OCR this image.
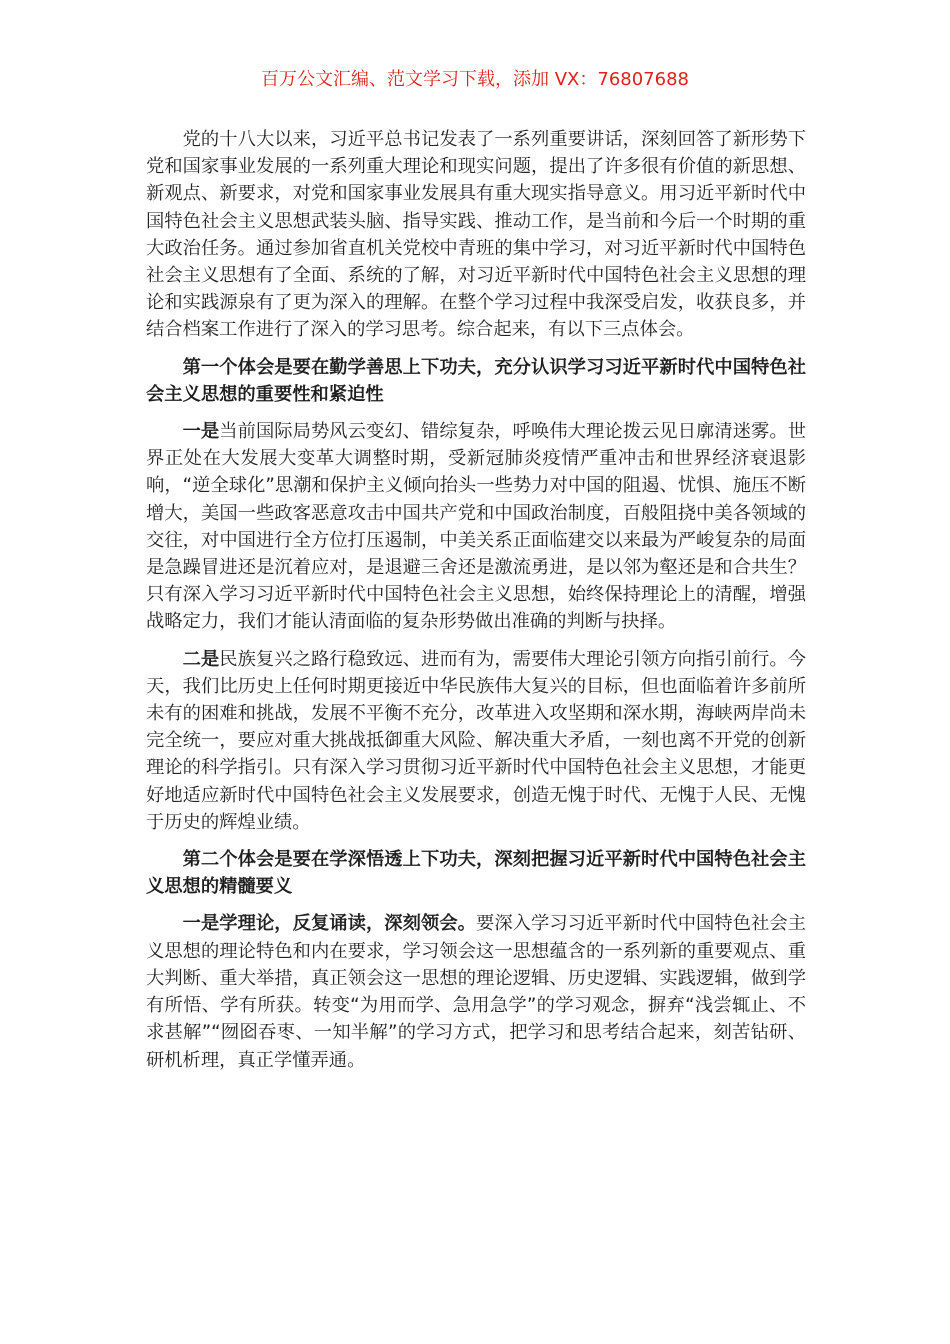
百万公文汇编、范文学习下载，添加 VX：76807688

党的十八大以来，习近平总书记发表了一系列重要讲话，深刻回答了新形势下党和国家事业发展的一系列重大理论和现实问题，提出了许多很有价值的新思想、新观点、新要求，对党和国家事业发展具有重大现实指导意义。用习近平新时代中国特色社会主义思想武装头脑、指导实践、推动工作，是当前和今后一个时期的重大政治任务。通过参加省直机关党校中青班的集中学习，对习近平新时代中国特色社会主义思想有了全面、系统的了解，对习近平新时代中国特色社会主义思想的理论和实践源泉有了更为深入的理解。在整个学习过程中我深受启发，收获良多，并结合档案工作进行了深入的学习思考。综合起来，有以下三点体会。

第一个体会是要在勤学善思上下功夫，充分认识学习习近平新时代中国特色社会主义思想的重要性和紧迫性

一是当前国际局势风云变幻、错综复杂，呼唤伟大理论拨云见日廓清迷雾。世界正处在大发展大变革大调整时期，受新冠肺炎疫情严重冲击和世界经济衰退影响，“逆全球化”思潮和保护主义倾向抬头一些势力对中国的阻遏、忧惧、施压不断增大，美国一些政客恶意攻击中国共产党和中国政治制度，百般阻挠中美各领域的交往，对中国进行全方位打压遏制，中美关系正面临建交以来最为严峻复杂的局面是急躁冒进还是沉着应对，是退避三舍还是激流勇进，是以邻为壑还是和合共生？只有深入学习习近平新时代中国特色社会主义思想，始终保持理论上的清醒，增强战略定力，我们才能认清面临的复杂形势做出准确的判断与抉择。

二是民族复兴之路行稳致远、进而有为，需要伟大理论引领方向指引前行。今天，我们比历史上任何时期更接近中华民族伟大复兴的目标，但也面临着许多前所未有的困难和挑战，发展不平衡不充分，改革进入攻坚期和深水期，海峡两岸尚未完全统一，要应对重大挑战抵御重大风险、解决重大矛盾，一刻也离不开党的创新理论的科学指引。只有深入学习贯彻习近平新时代中国特色社会主义思想，才能更好地适应新时代中国特色社会主义发展要求，创造无愧于时代、无愧于人民、无愧于历史的辉煌业绩。

第二个体会是要在学深悟透上下功夫，深刻把握习近平新时代中国特色社会主义思想的精髓要义

一是学理论，反复诵读，深刻领会。要深入学习习近平新时代中国特色社会主义思想的理论特色和内在要求，学习领会这一思想蕴含的一系列新的重要观点、重大判断、重大举措，真正领会这一思想的理论逻辑、历史逻辑、实践逻辑，做到学有所悟、学有所获。转变“为用而学、急用急学”的学习观念，摒弃“浅尝辄止、不求甚解”“囫囵吞枣、一知半解”的学习方式，把学习和思考结合起来，刻苦钻研、研机析理，真正学懂弄通。
